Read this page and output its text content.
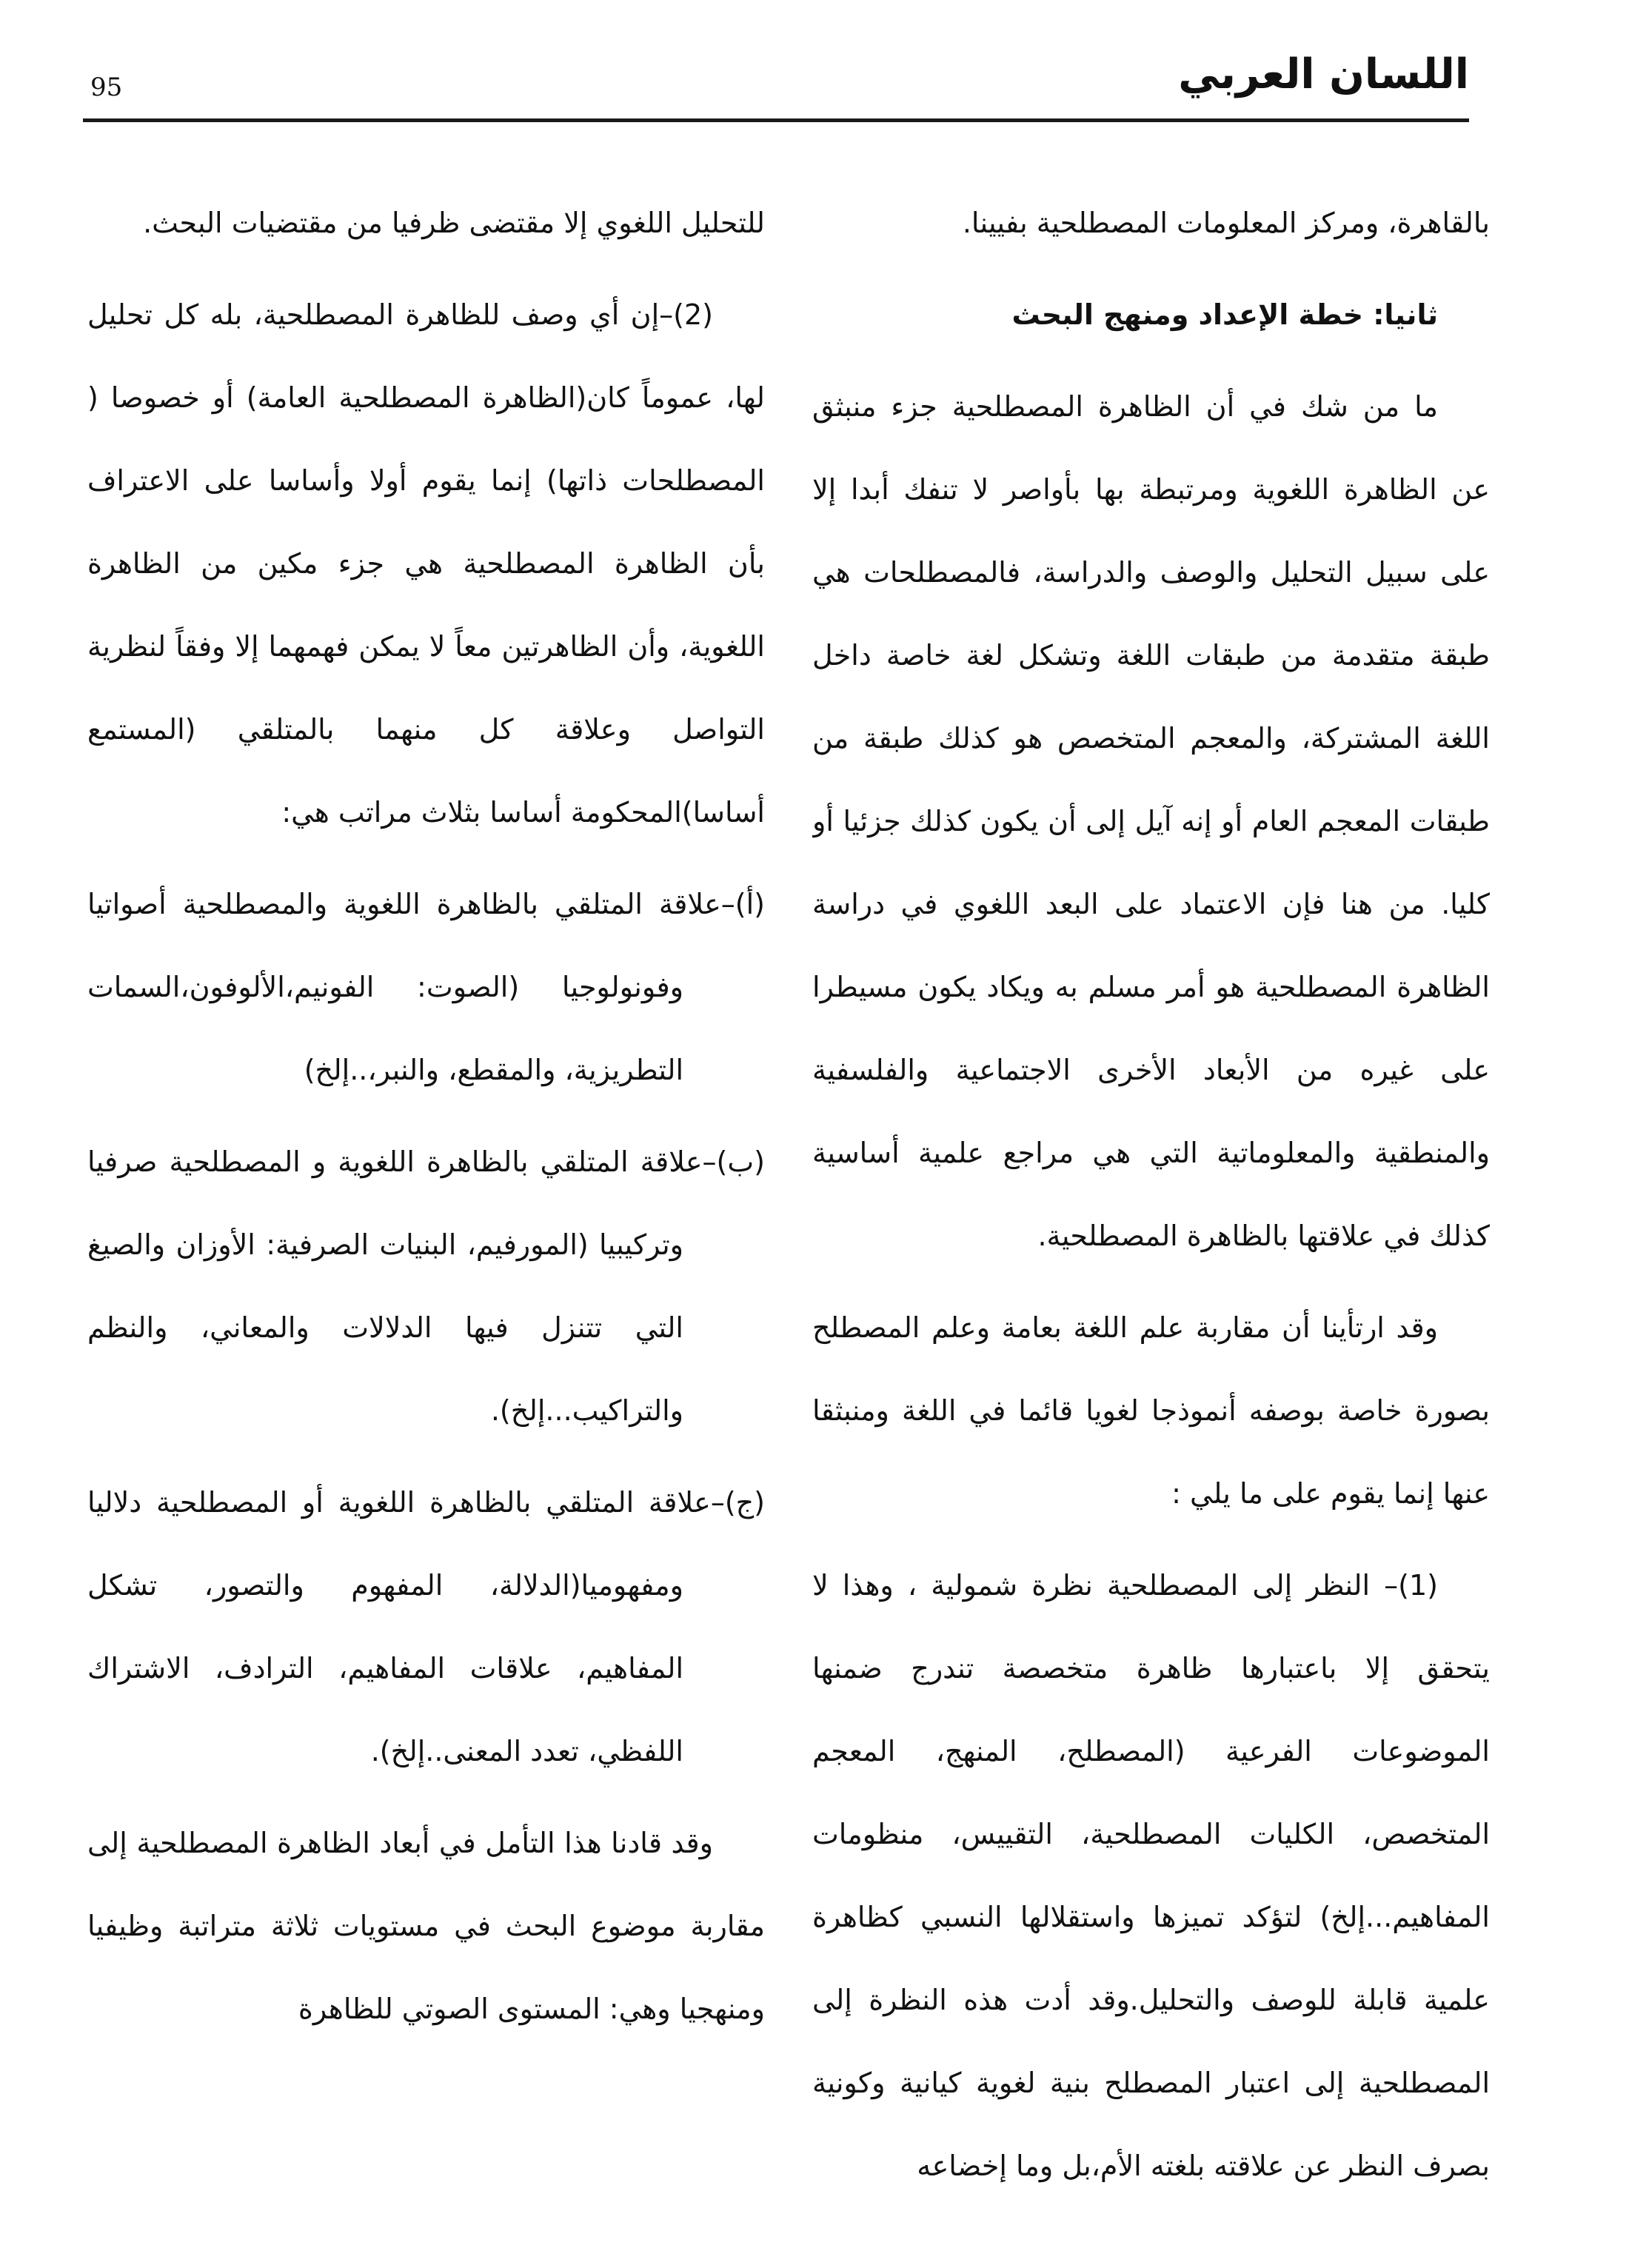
95	اللسان العربي

بالقاهرة، ومركز المعلومات المصطلحية بفيينا.

ثانيا: خطة الإعداد ومنهج البحث

ما من شك في أن الظاهرة المصطلحية جزء منبثق عن الظاهرة اللغوية ومرتبطة بها بأواصر لا تنفك أبدا إلا على سبيل التحليل والوصف والدراسة، فالمصطلحات هي طبقة متقدمة من طبقات اللغة وتشكل لغة خاصة داخل اللغة المشتركة، والمعجم المتخصص هو كذلك طبقة من طبقات المعجم العام أو إنه آيل إلى أن يكون كذلك جزئيا أو كليا. من هنا فإن الاعتماد على البعد اللغوي في دراسة الظاهرة المصطلحية هو أمر مسلم به ويكاد يكون مسيطرا على غيره من الأبعاد الأخرى الاجتماعية والفلسفية والمنطقية والمعلوماتية التي هي مراجع علمية أساسية كذلك في علاقتها بالظاهرة المصطلحية.

وقد ارتأينا أن مقاربة علم اللغة بعامة وعلم المصطلح بصورة خاصة بوصفه أنموذجا لغويا قائما في اللغة ومنبثقا عنها إنما يقوم على ما يلي :

(1)– النظر إلى المصطلحية نظرة شمولية ، وهذا لا يتحقق إلا باعتبارها ظاهرة متخصصة تندرج ضمنها الموضوعات الفرعية (المصطلح، المنهج، المعجم المتخصص، الكليات المصطلحية، التقييس، منظومات المفاهيم...إلخ) لتؤكد تميزها واستقلالها النسبي كظاهرة علمية قابلة للوصف والتحليل.وقد أدت هذه النظرة إلى المصطلحية إلى اعتبار المصطلح بنية لغوية كيانية وكونية بصرف النظر عن علاقته بلغته الأم،بل وما إخضاعه

للتحليل اللغوي إلا مقتضى ظرفيا من مقتضيات البحث.

(2)–إن أي وصف للظاهرة المصطلحية، بله كل تحليل لها، عموماً كان(الظاهرة المصطلحية العامة) أو خصوصا ( المصطلحات ذاتها) إنما يقوم أولا وأساسا على الاعتراف بأن الظاهرة المصطلحية هي جزء مكين من الظاهرة اللغوية، وأن الظاهرتين معاً لا يمكن فهمهما إلا وفقاً لنظرية التواصل وعلاقة كل منهما بالمتلقي (المستمع أساسا)المحكومة أساسا بثلاث مراتب هي:

(أ)–علاقة المتلقي بالظاهرة اللغوية والمصطلحية أصواتيا وفونولوجيا (الصوت: الفونيم،الألوفون،السمات التطريزية، والمقطع، والنبر،..إلخ)

(ب)–علاقة المتلقي بالظاهرة اللغوية و المصطلحية صرفيا وتركيبيا (المورفيم، البنيات الصرفية: الأوزان والصيغ التي تتنزل فيها الدلالات والمعاني، والنظم والتراكيب...إلخ).

(ج)–علاقة المتلقي بالظاهرة اللغوية أو المصطلحية دلاليا ومفهوميا(الدلالة، المفهوم والتصور، تشكل المفاهيم، علاقات المفاهيم، الترادف، الاشتراك اللفظي، تعدد المعنى..إلخ).

وقد قادنا هذا التأمل في أبعاد الظاهرة المصطلحية إلى مقاربة موضوع البحث في مستويات ثلاثة متراتبة وظيفيا ومنهجيا وهي: المستوى الصوتي للظاهرة
